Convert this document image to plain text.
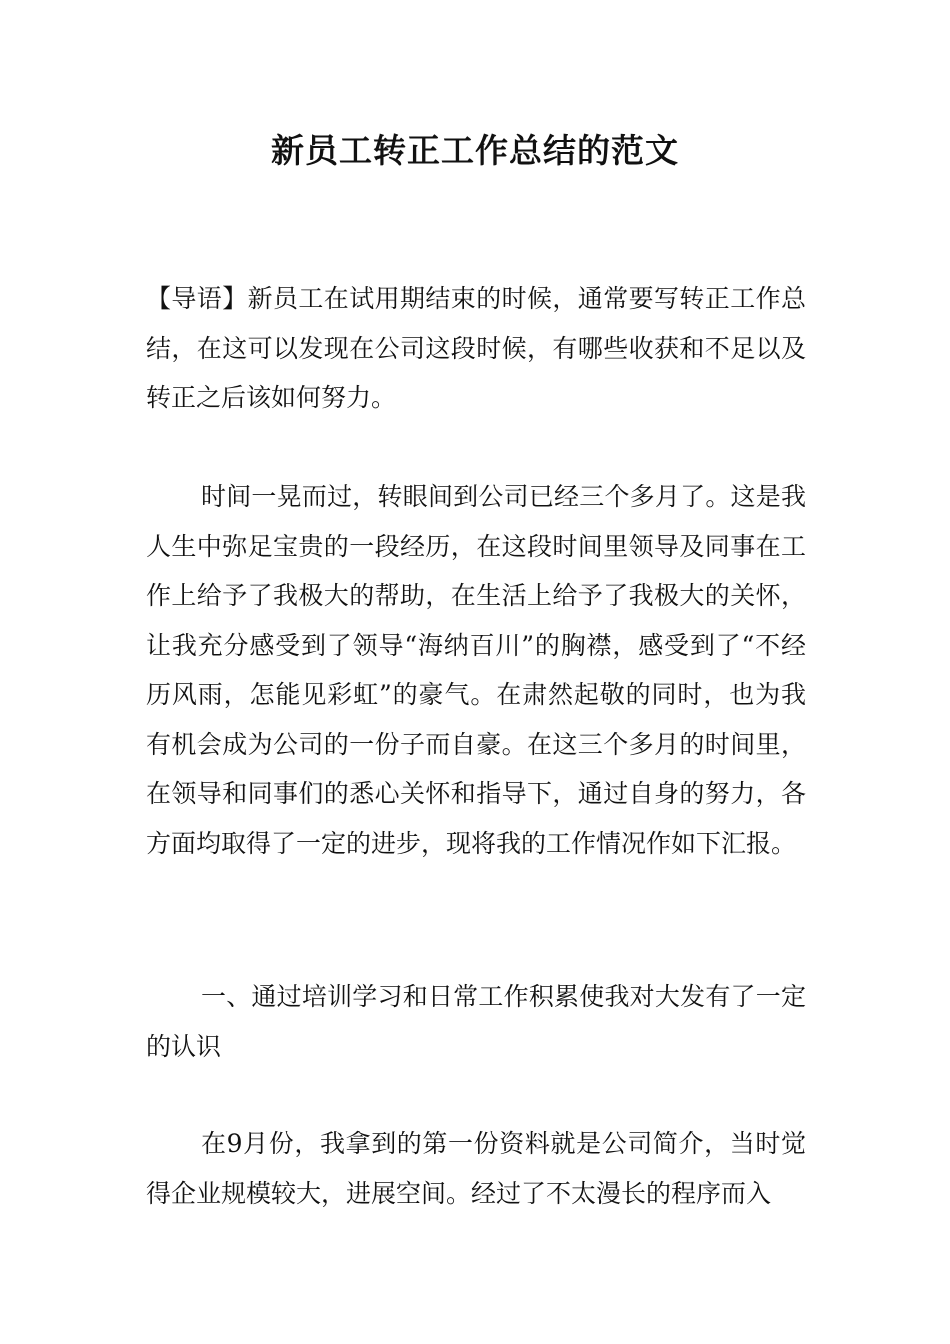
新员工转正工作总结的范文

【导语】新员工在试用期结束的时候，通常要写转正工作总结，在这可以发现在公司这段时候，有哪些收获和不足以及转正之后该如何努力。

时间一晃而过，转眼间到公司已经三个多月了。这是我人生中弥足宝贵的一段经历，在这段时间里领导及同事在工作上给予了我极大的帮助，在生活上给予了我极大的关怀，让我充分感受到了领导“海纳百川”的胸襟，感受到了“不经历风雨，怎能见彩虹”的豪气。在肃然起敬的同时，也为我有机会成为公司的一份子而自豪。在这三个多月的时间里，在领导和同事们的悉心关怀和指导下，通过自身的努力，各方面均取得了一定的进步，现将我的工作情况作如下汇报。

一、通过培训学习和日常工作积累使我对大发有了一定的认识

在9月份，我拿到的第一份资料就是公司简介，当时觉得企业规模较大，进展空间。经过了不太漫长的程序而入
